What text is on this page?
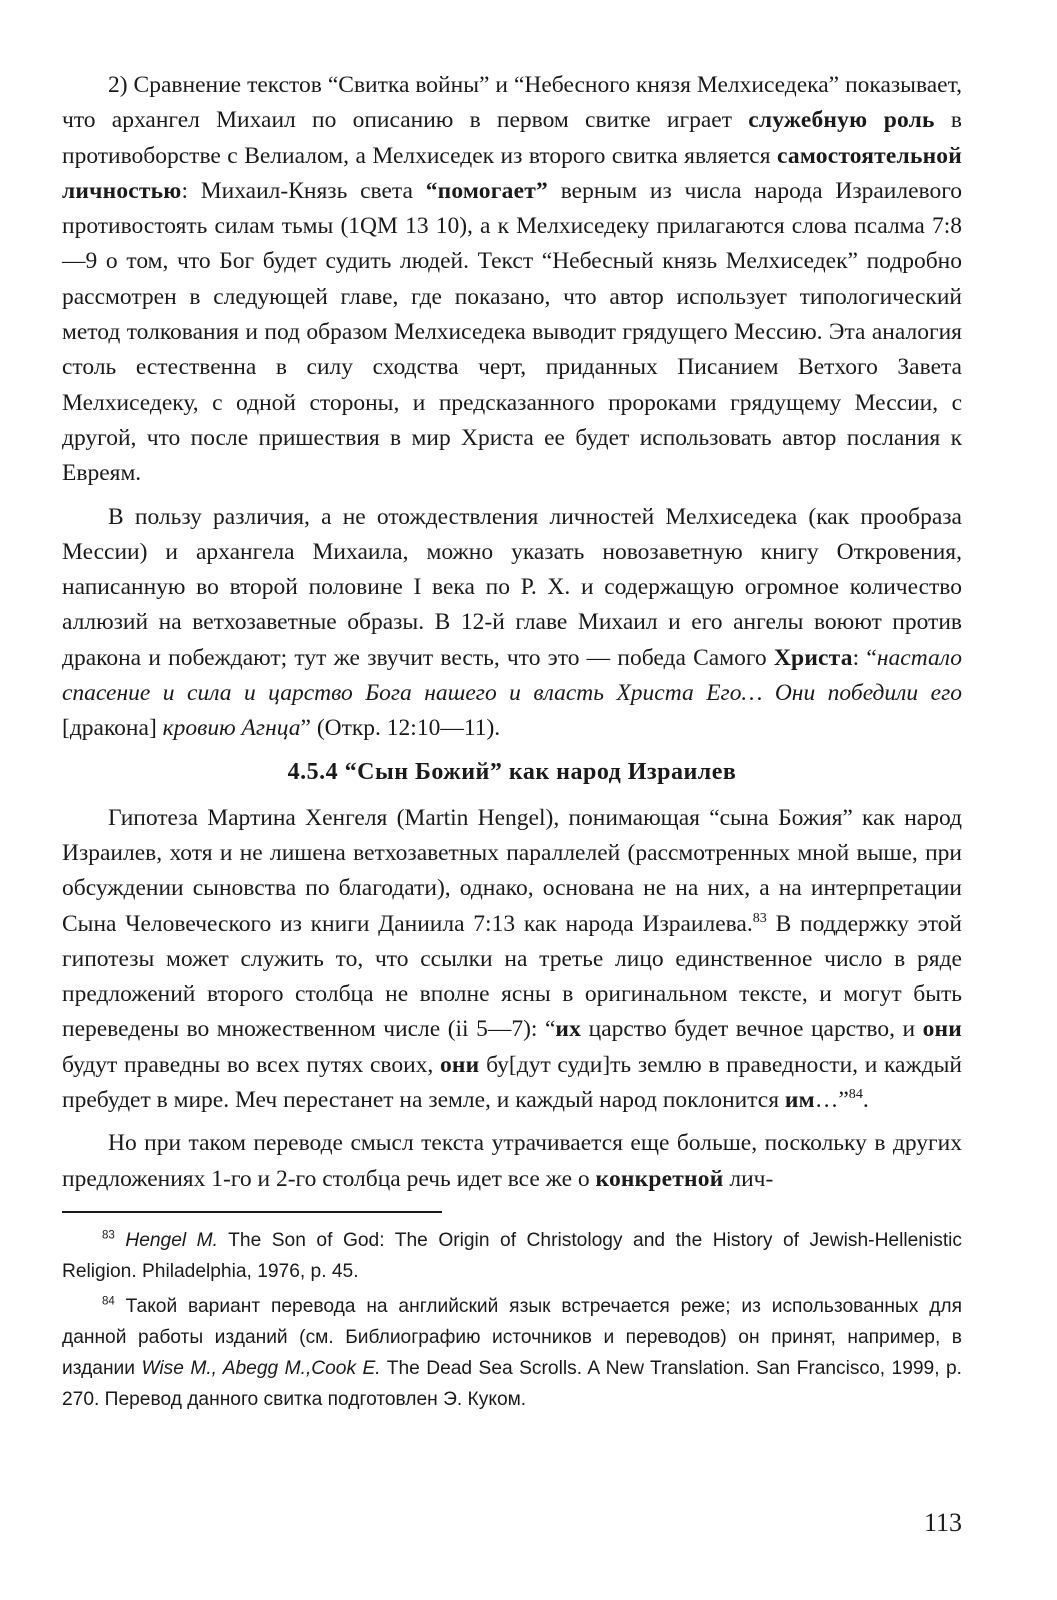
2) Сравнение текстов “Свитка войны” и “Небесного князя Мелхиседека” показывает, что архангел Михаил по описанию в первом свитке играет служебную роль в противоборстве с Велиалом, а Мелхиседек из второго свитка является самостоятельной личностью: Михаил-Князь света “помогает” верным из числа народа Израилевого противостоять силам тьмы (1QM 13 10), а к Мелхиседеку прилагаются слова псалма 7:8—9 о том, что Бог будет судить людей. Текст “Небесный князь Мелхиседек” подробно рассмотрен в следующей главе, где показано, что автор использует типологический метод толкования и под образом Мелхиседека выводит грядущего Мессию. Эта аналогия столь естественна в силу сходства черт, приданных Писанием Ветхого Завета Мелхиседеку, с одной стороны, и предсказанного пророками грядущему Мессии, с другой, что после пришествия в мир Христа ее будет использовать автор послания к Евреям.

В пользу различия, а не отождествления личностей Мелхиседека (как прообраза Мессии) и архангела Михаила, можно указать новозаветную книгу Откровения, написанную во второй половине I века по Р. Х. и содержащую огромное количество аллюзий на ветхозаветные образы. В 12-й главе Михаил и его ангелы воюют против дракона и побеждают; тут же звучит весть, что это — победа Самого Христа: “настало спасение и сила и царство Бога нашего и власть Христа Его… Они победили его [дракона] кровию Агнца” (Откр. 12:10—11).

4.5.4 “Сын Божий” как народ Израилев

Гипотеза Мартина Хенгеля (Martin Hengel), понимающая “сына Божия” как народ Израилев, хотя и не лишена ветхозаветных параллелей (рассмотренных мной выше, при обсуждении сыновства по благодати), однако, основана не на них, а на интерпретации Сына Человеческого из книги Даниила 7:13 как народа Израилева.$^{83}$ В поддержку этой гипотезы может служить то, что ссылки на третье лицо единственное число в ряде предложений второго столбца не вполне ясны в оригинальном тексте, и могут быть переведены во множественном числе (ii 5—7): “их царство будет вечное царство, и они будут праведны во всех путях своих, они бу[дут суди]ть землю в праведности, и каждый пребудет в мире. Меч перестанет на земле, и каждый народ поклонится им…”$^{84}$.

Но при таком переводе смысл текста утрачивается еще больше, поскольку в других предложениях 1-го и 2-го столбца речь идет все же о конкретной лич-

$^{83}$ Hengel M. The Son of God: The Origin of Christology and the History of Jewish-Hellenistic Religion. Philadelphia, 1976, p. 45.

$^{84}$ Такой вариант перевода на английский язык встречается реже; из использованных для данной работы изданий (см. Библиографию источников и переводов) он принят, например, в издании Wise M., Abegg M.,Cook E. The Dead Sea Scrolls. A New Translation. San Francisco, 1999, p. 270. Перевод данного свитка подготовлен Э. Куком.

113
